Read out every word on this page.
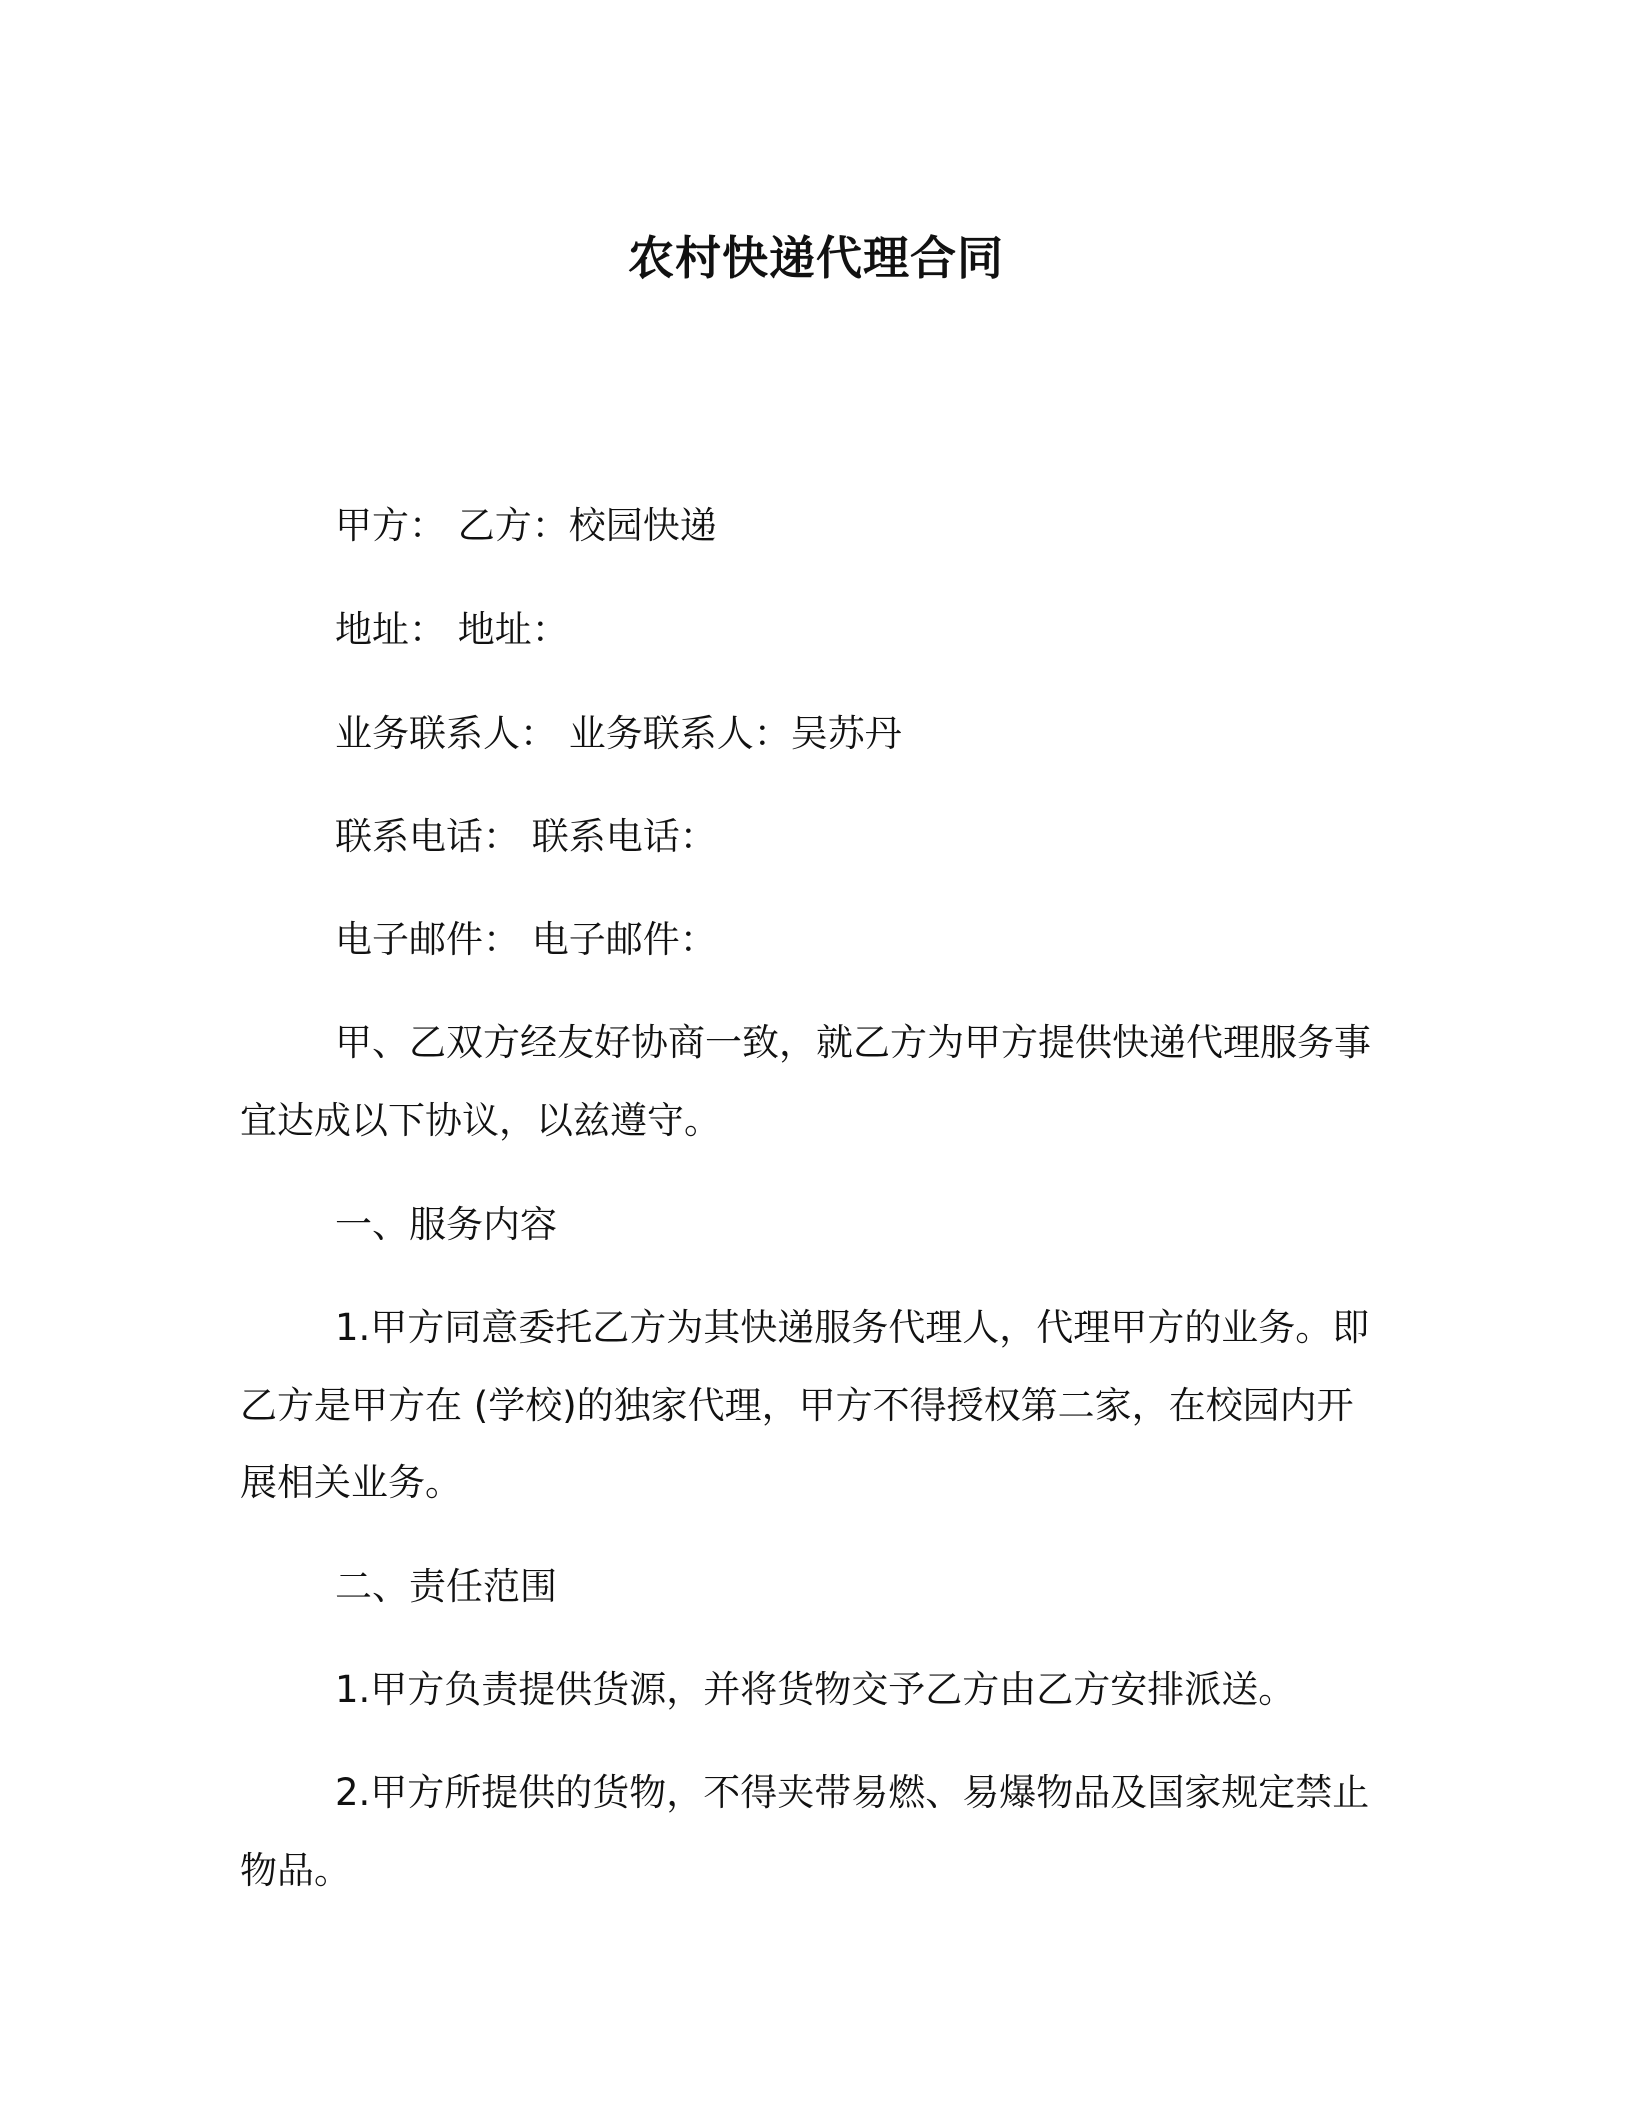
农村快递代理合同

甲方： 乙方：校园快递

地址： 地址：

业务联系人： 业务联系人：吴苏丹

联系电话： 联系电话：

电子邮件： 电子邮件：

甲、乙双方经友好协商一致，就乙方为甲方提供快递代理服务事

宜达成以下协议，以兹遵守。

一、服务内容

1.甲方同意委托乙方为其快递服务代理人，代理甲方的业务。即

乙方是甲方在 (学校)的独家代理，甲方不得授权第二家，在校园内开

展相关业务。

二、责任范围

1.甲方负责提供货源，并将货物交予乙方由乙方安排派送。

2.甲方所提供的货物，不得夹带易燃、易爆物品及国家规定禁止

物品。
